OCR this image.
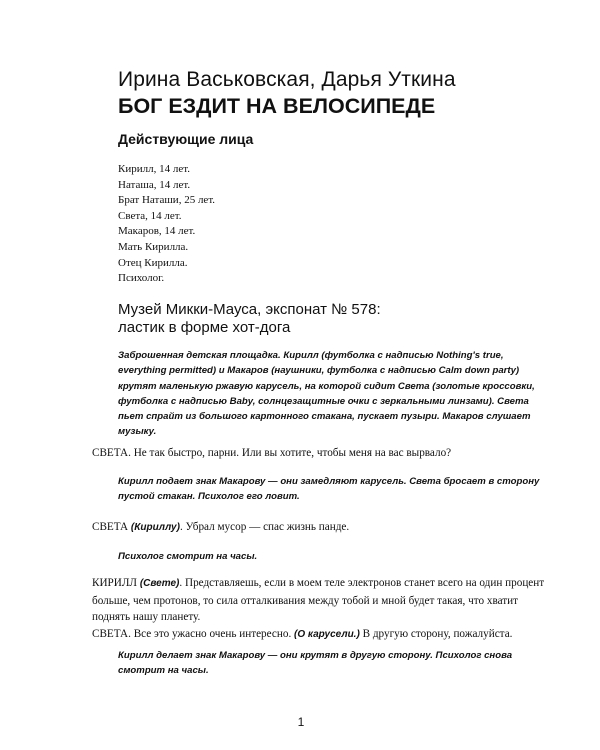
Ирина Васьковская, Дарья Уткина
БОГ ЕЗДИТ НА ВЕЛОСИПЕДЕ
Действующие лица
Кирилл, 14 лет.
Наташа, 14 лет.
Брат Наташи, 25 лет.
Света, 14 лет.
Макаров, 14 лет.
Мать Кирилла.
Отец Кирилла.
Психолог.
Музей Микки-Мауса, экспонат № 578:
ластик в форме хот-дога
Заброшенная детская площадка. Кирилл (футболка с надписью Nothing's true,
everything permitted) и Макаров (наушники, футболка с надписью Calm down party)
крутят маленькую ржавую карусель, на которой сидит Света (золотые кроссовки,
футболка с надписью Baby, солнцезащитные очки с зеркальными линзами). Света
пьет спрайт из большого картонного стакана, пускает пузыри. Макаров слушает
музыку.
СВЕТА. Не так быстро, парни. Или вы хотите, чтобы меня на вас вырвало?
Кирилл подает знак Макарову — они замедляют карусель. Света бросает в сторону
пустой стакан. Психолог его ловит.
СВЕТА (Кириллу). Убрал мусор — спас жизнь панде.
Психолог смотрит на часы.
КИРИЛЛ (Свете). Представляешь, если в моем теле электронов станет всего на один процент
больше, чем протонов, то сила отталкивания между тобой и мной будет такая, что хватит
поднять нашу планету.
СВЕТА. Все это ужасно очень интересно. (О карусели.) В другую сторону, пожалуйста.
Кирилл делает знак Макарову — они крутят в другую сторону. Психолог снова
смотрит на часы.
1
